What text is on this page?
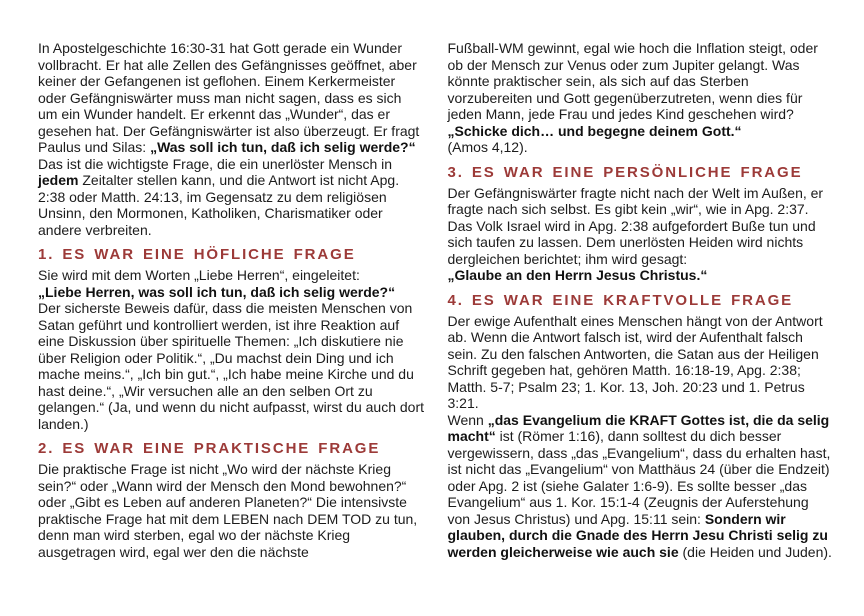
In Apostelgeschichte 16:30-31 hat Gott gerade ein Wunder vollbracht. Er hat alle Zellen des Gefängnisses geöffnet, aber keiner der Gefangenen ist geflohen. Einem Kerkermeister oder Gefängniswärter muss man nicht sagen, dass es sich um ein Wunder handelt. Er erkennt das „Wunder“, das er gesehen hat. Der Gefängniswärter ist also überzeugt. Er fragt Paulus und Silas: „Was soll ich tun, daß ich selig werde?“
Das ist die wichtigste Frage, die ein unerlöster Mensch in jedem Zeitalter stellen kann, und die Antwort ist nicht Apg. 2:38 oder Matth. 24:13, im Gegensatz zu dem religiösen Unsinn, den Mormonen, Katholiken, Charismatiker oder andere verbreiten.

1. ES WAR EINE HÖFLICHE FRAGE

Sie wird mit dem Worten „Liebe Herren“, eingeleitet:
„Liebe Herren, was soll ich tun, daß ich selig werde?“
Der sicherste Beweis dafür, dass die meisten Menschen von Satan geführt und kontrolliert werden, ist ihre Reaktion auf eine Diskussion über spirituelle Themen: „Ich diskutiere nie über Religion oder Politik.“, „Du machst dein Ding und ich mache meins.“, „Ich bin gut.“, „Ich habe meine Kirche und du hast deine.“, „Wir versuchen alle an den selben Ort zu gelangen.“ (Ja, und wenn du nicht aufpasst, wirst du auch dort landen.)

2. ES WAR EINE PRAKTISCHE FRAGE

Die praktische Frage ist nicht „Wo wird der nächste Krieg sein?“ oder „Wann wird der Mensch den Mond bewohnen?“ oder „Gibt es Leben auf anderen Planeten?“ Die intensivste praktische Frage hat mit dem LEBEN nach DEM TOD zu tun, denn man wird sterben, egal wo der nächste Krieg ausgetragen wird, egal wer den die nächste

Fußball-WM gewinnt, egal wie hoch die Inflation steigt, oder ob der Mensch zur Venus oder zum Jupiter gelangt. Was könnte praktischer sein, als sich auf das Sterben vorzubereiten und Gott gegenüberzutreten, wenn dies für jeden Mann, jede Frau und jedes Kind geschehen wird?
„Schicke dich… und begegne deinem Gott.“
(Amos 4,12).

3. ES WAR EINE PERSÖNLICHE FRAGE

Der Gefängniswärter fragte nicht nach der Welt im Außen, er fragte nach sich selbst. Es gibt kein „wir“, wie in Apg. 2:37. Das Volk Israel wird in Apg. 2:38 aufgefordert Buße tun und sich taufen zu lassen. Dem unerlösten Heiden wird nichts dergleichen berichtet; ihm wird gesagt:
„Glaube an den Herrn Jesus Christus.“

4. ES WAR EINE KRAFTVOLLE FRAGE

Der ewige Aufenthalt eines Menschen hängt von der Antwort ab. Wenn die Antwort falsch ist, wird der Aufenthalt falsch sein. Zu den falschen Antworten, die Satan aus der Heiligen Schrift gegeben hat, gehören Matth. 16:18-19, Apg. 2:38; Matth. 5-7; Psalm 23; 1. Kor. 13, Joh. 20:23 und 1. Petrus 3:21.
Wenn „das Evangelium die KRAFT Gottes ist, die da selig macht“ ist (Römer 1:16), dann solltest du dich besser vergewissern, dass „das „Evangelium“, dass du erhalten hast, ist nicht das „Evangelium“ von Matthäus 24 (über die Endzeit) oder Apg. 2 ist (siehe Galater 1:6-9). Es sollte besser „das Evangelium“ aus 1. Kor. 15:1-4 (Zeugnis der Auferstehung von Jesus Christus) und Apg. 15:11 sein: Sondern wir glauben, durch die Gnade des Herrn Jesu Christi selig zu werden gleicherweise wie auch sie (die Heiden und Juden).
